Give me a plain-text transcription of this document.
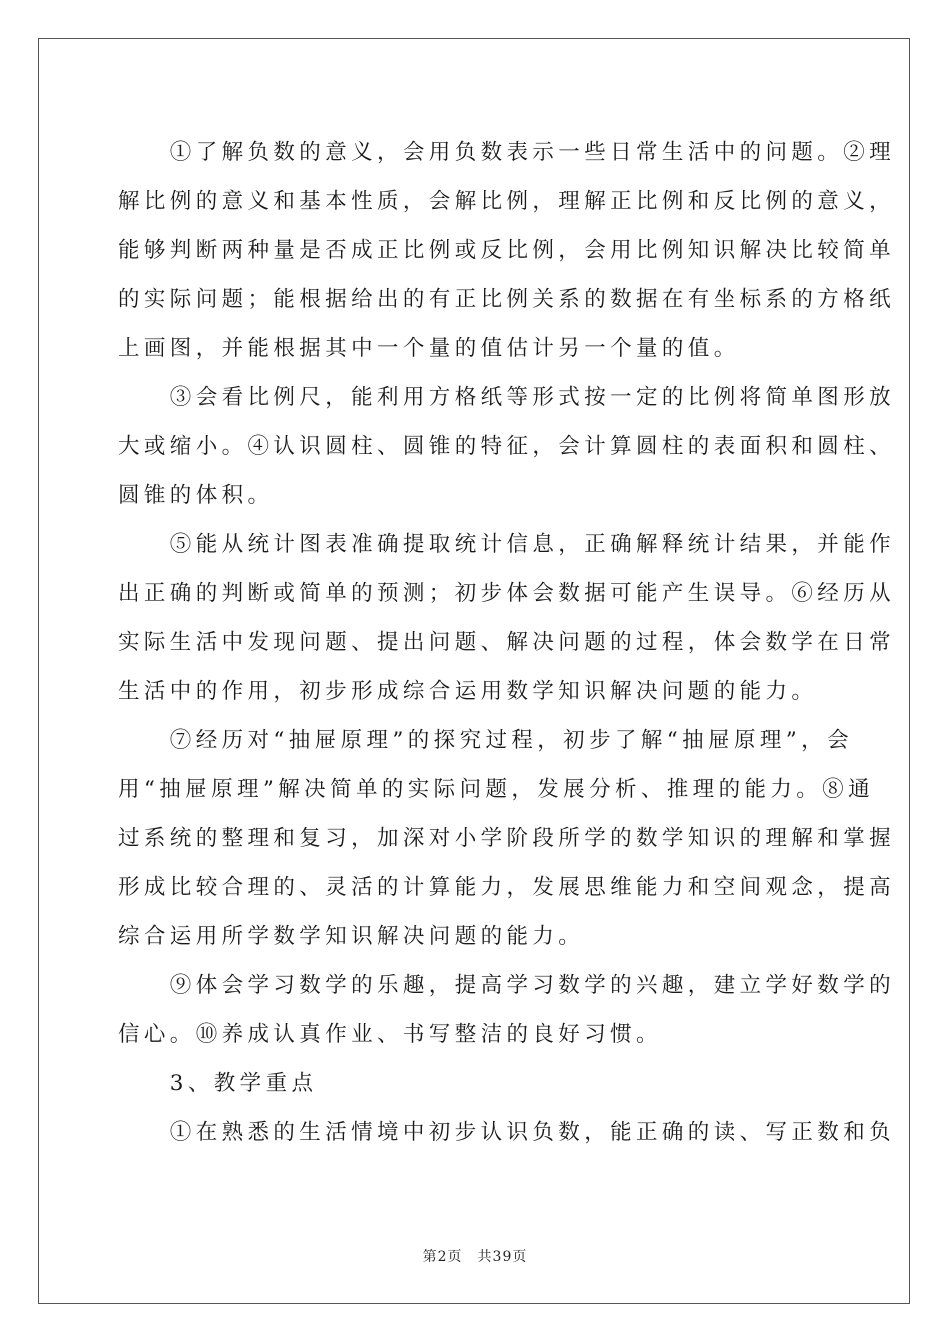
　　①了解负数的意义，会用负数表示一些日常生活中的问题。②理
解比例的意义和基本性质，会解比例，理解正比例和反比例的意义，
能够判断两种量是否成正比例或反比例，会用比例知识解决比较简单
的实际问题；能根据给出的有正比例关系的数据在有坐标系的方格纸
上画图，并能根据其中一个量的值估计另一个量的值。
　　③会看比例尺，能利用方格纸等形式按一定的比例将简单图形放
大或缩小。④认识圆柱、圆锥的特征，会计算圆柱的表面积和圆柱、
圆锥的体积。
　　⑤能从统计图表准确提取统计信息，正确解释统计结果，并能作
出正确的判断或简单的预测；初步体会数据可能产生误导。⑥经历从
实际生活中发现问题、提出问题、解决问题的过程，体会数学在日常
生活中的作用，初步形成综合运用数学知识解决问题的能力。
　　⑦经历对“抽屉原理”的探究过程，初步了解“抽屉原理”，会
用“抽屉原理”解决简单的实际问题，发展分析、推理的能力。⑧通
过系统的整理和复习，加深对小学阶段所学的数学知识的理解和掌握
形成比较合理的、灵活的计算能力，发展思维能力和空间观念，提高
综合运用所学数学知识解决问题的能力。
　　⑨体会学习数学的乐趣，提高学习数学的兴趣，建立学好数学的
信心。⑩养成认真作业、书写整洁的良好习惯。
　　3、教学重点
　　①在熟悉的生活情境中初步认识负数，能正确的读、写正数和负
第2页　共39页
